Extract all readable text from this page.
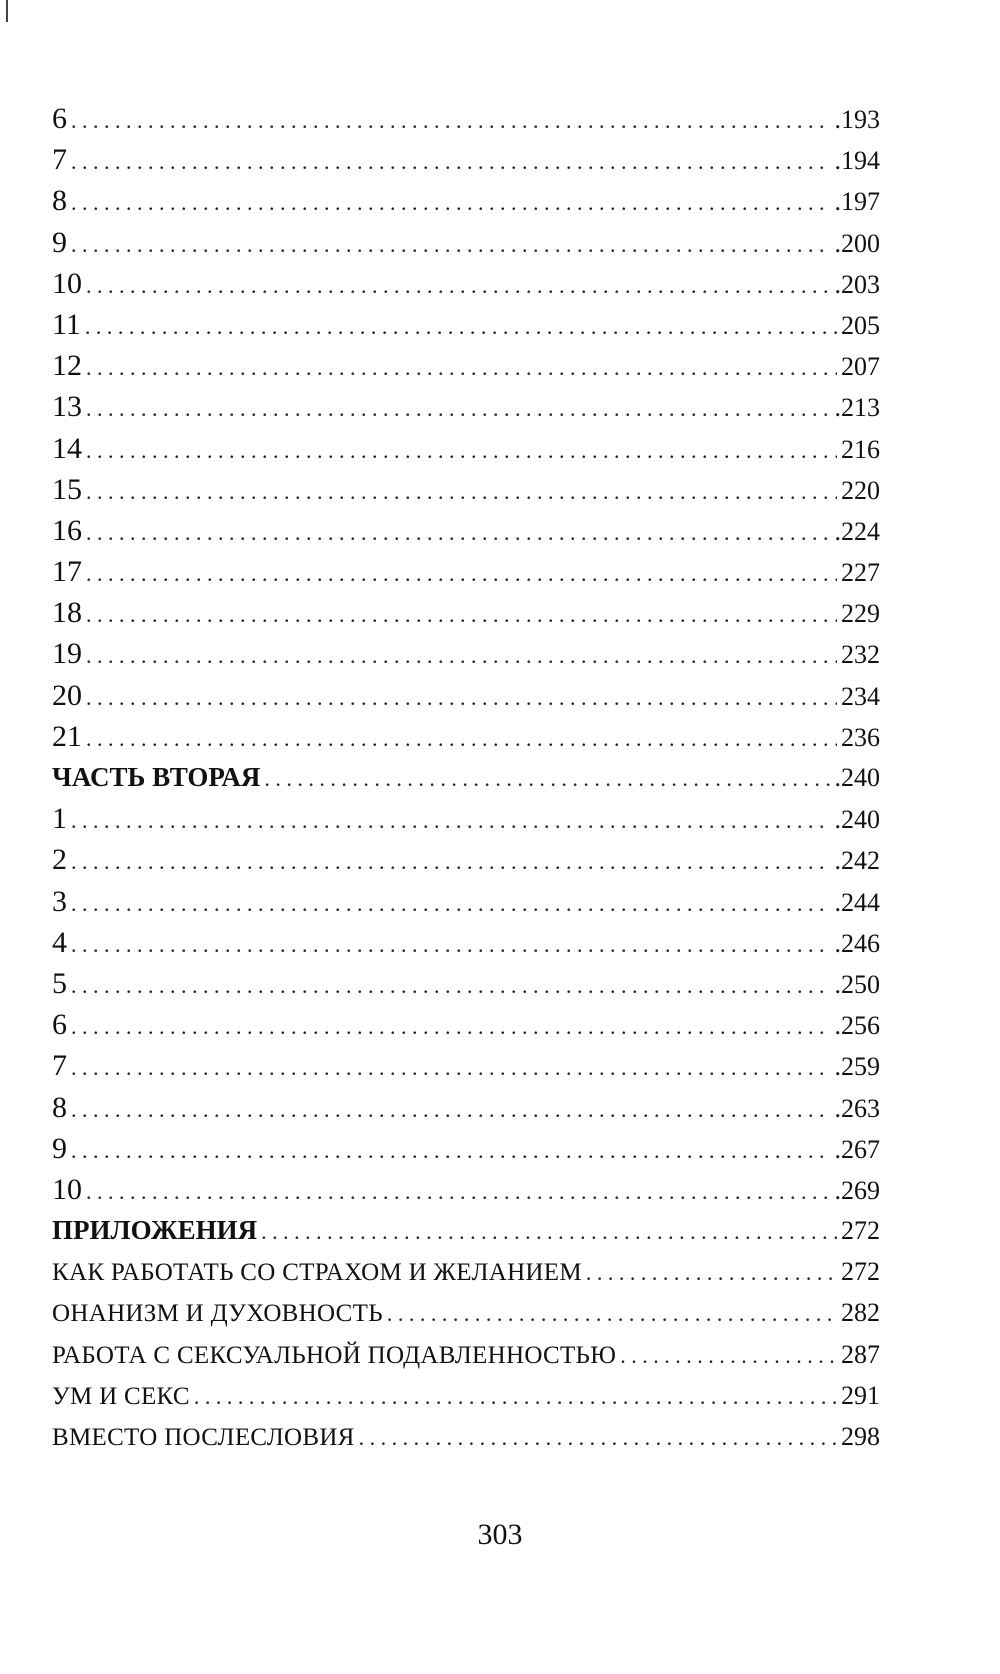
6 . . .	.193
7 . . .	.194
8 . . .	.197
9 . . .	.200
10 . . .	.203
11 . . .	205
12 . . .	207
13 . . .	.213
14 . . .	216
15 . . .	220
16 . . .	.224
17 . . .	227
18 . . .	229
19 . . .	232
20 . . .	234
21 . . .	236
ЧАСТЬ ВТОРАЯ . . .	.240
1 . . .	.240
2 . . .	.242
3 . . .	.244
4 . . .	.246
5 . . .	.250
6 . . .	.256
7 . . .	.259
8 . . .	.263
9 . . .	.267
10 . . .	.269
ПРИЛОЖЕНИЯ . . .	272
КАК РАБОТАТЬ СО СТРАХОМ И ЖЕЛАНИЕМ . . .	272
ОНАНИЗМ И ДУХОВНОСТЬ . . .	282
РАБОТА С СЕКСУАЛЬНОЙ ПОДАВЛЕННОСТЬЮ . . .	287
УМ И СЕКС . . .	291
ВМЕСТО ПОСЛЕСЛОВИЯ . . .	298
303
